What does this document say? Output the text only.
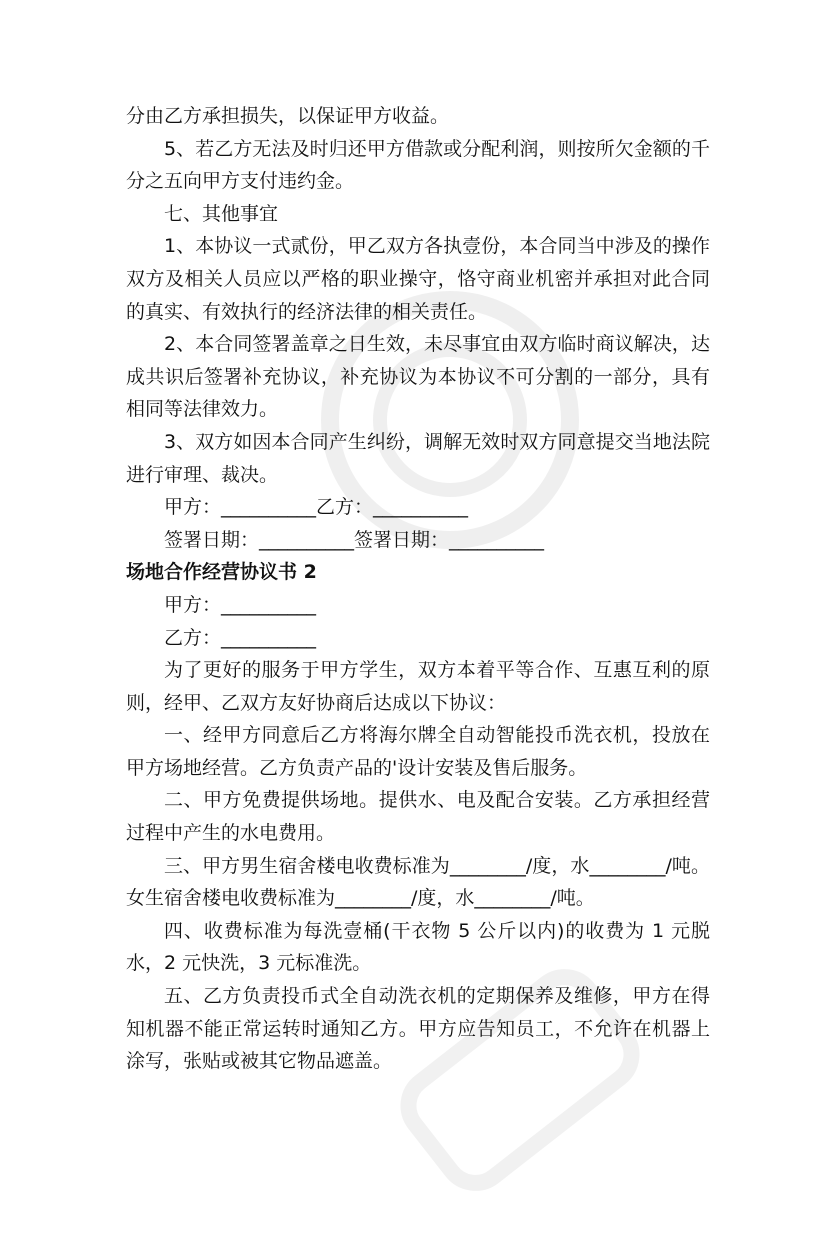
分由乙方承担损失，以保证甲方收益。

5、若乙方无法及时归还甲方借款或分配利润，则按所欠金额的千分之五向甲方支付违约金。

七、其他事宜

1、本协议一式贰份，甲乙双方各执壹份，本合同当中涉及的操作双方及相关人员应以严格的职业操守，恪守商业机密并承担对此合同的真实、有效执行的经济法律的相关责任。

2、本合同签署盖章之日生效，未尽事宜由双方临时商议解决，达成共识后签署补充协议，补充协议为本协议不可分割的一部分，具有相同等法律效力。

3、双方如因本合同产生纠纷，调解无效时双方同意提交当地法院进行审理、裁决。

甲方：__________乙方：__________

签署日期：__________签署日期：__________

场地合作经营协议书 2

甲方：__________

乙方：__________

为了更好的服务于甲方学生，双方本着平等合作、互惠互利的原则，经甲、乙双方友好协商后达成以下协议：

一、经甲方同意后乙方将海尔牌全自动智能投币洗衣机，投放在甲方场地经营。乙方负责产品的'设计安装及售后服务。

二、甲方免费提供场地。提供水、电及配合安装。乙方承担经营过程中产生的水电费用。

三、甲方男生宿舍楼电收费标准为________/度，水________/吨。女生宿舍楼电收费标准为________/度，水________/吨。

四、收费标准为每洗壹桶(干衣物 5 公斤以内)的收费为 1 元脱水，2 元快洗，3 元标准洗。

五、乙方负责投币式全自动洗衣机的定期保养及维修，甲方在得知机器不能正常运转时通知乙方。甲方应告知员工，不允许在机器上涂写，张贴或被其它物品遮盖。
